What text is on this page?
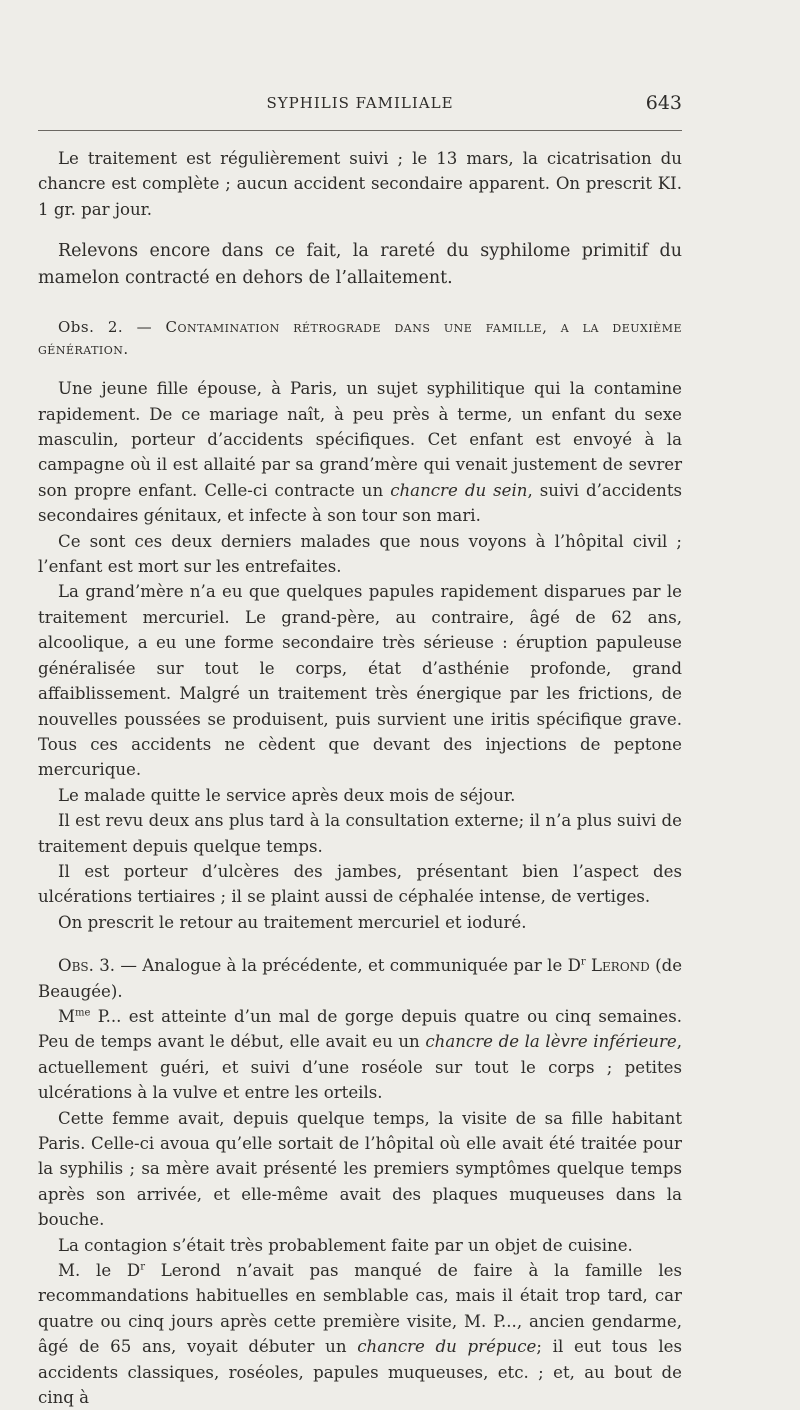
SYPHILIS FAMILIALE	643

Le traitement est régulièrement suivi ; le 13 mars, la cicatrisation du chancre est complète ; aucun accident secondaire apparent. On prescrit KI. 1 gr. par jour.

Relevons encore dans ce fait, la rareté du syphilome primitif du mamelon contracté en dehors de l’allaitement.

Obs. 2. — Contamination rétrograde dans une famille, a la deuxième génération.

Une jeune fille épouse, à Paris, un sujet syphilitique qui la contamine rapidement. De ce mariage naît, à peu près à terme, un enfant du sexe masculin, porteur d’accidents spécifiques. Cet enfant est envoyé à la campagne où il est allaité par sa grand’mère qui venait justement de sevrer son propre enfant. Celle-ci contracte un chancre du sein, suivi d’accidents secondaires génitaux, et infecte à son tour son mari.

Ce sont ces deux derniers malades que nous voyons à l’hôpital civil ; l’enfant est mort sur les entrefaites.

La grand’mère n’a eu que quelques papules rapidement disparues par le traitement mercuriel. Le grand-père, au contraire, âgé de 62 ans, alcoolique, a eu une forme secondaire très sérieuse : éruption papuleuse généralisée sur tout le corps, état d’asthénie profonde, grand affaiblissement. Malgré un traitement très énergique par les frictions, de nouvelles poussées se produisent, puis survient une iritis spécifique grave. Tous ces accidents ne cèdent que devant des injections de peptone mercurique.

Le malade quitte le service après deux mois de séjour.

Il est revu deux ans plus tard à la consultation externe; il n’a plus suivi de traitement depuis quelque temps.

Il est porteur d’ulcères des jambes, présentant bien l’aspect des ulcérations tertiaires ; il se plaint aussi de céphalée intense, de vertiges.

On prescrit le retour au traitement mercuriel et ioduré.

Obs. 3. — Analogue à la précédente, et communiquée par le $D^r$ Lerond (de Beaugée).

$M^{me}$ P... est atteinte d’un mal de gorge depuis quatre ou cinq semaines. Peu de temps avant le début, elle avait eu un chancre de la lèvre inférieure, actuellement guéri, et suivi d’une roséole sur tout le corps ; petites ulcérations à la vulve et entre les orteils.

Cette femme avait, depuis quelque temps, la visite de sa fille habitant Paris. Celle-ci avoua qu’elle sortait de l’hôpital où elle avait été traitée pour la syphilis ; sa mère avait présenté les premiers symptômes quelque temps après son arrivée, et elle-même avait des plaques muqueuses dans la bouche.

La contagion s’était très probablement faite par un objet de cuisine.

M. le $D^r$ Lerond n’avait pas manqué de faire à la famille les recommandations habituelles en semblable cas, mais il était trop tard, car quatre ou cinq jours après cette première visite, M. P..., ancien gendarme, âgé de 65 ans, voyait débuter un chancre du prépuce; il eut tous les accidents classiques, roséoles, papules muqueuses, etc. ; et, au bout de cinq à
